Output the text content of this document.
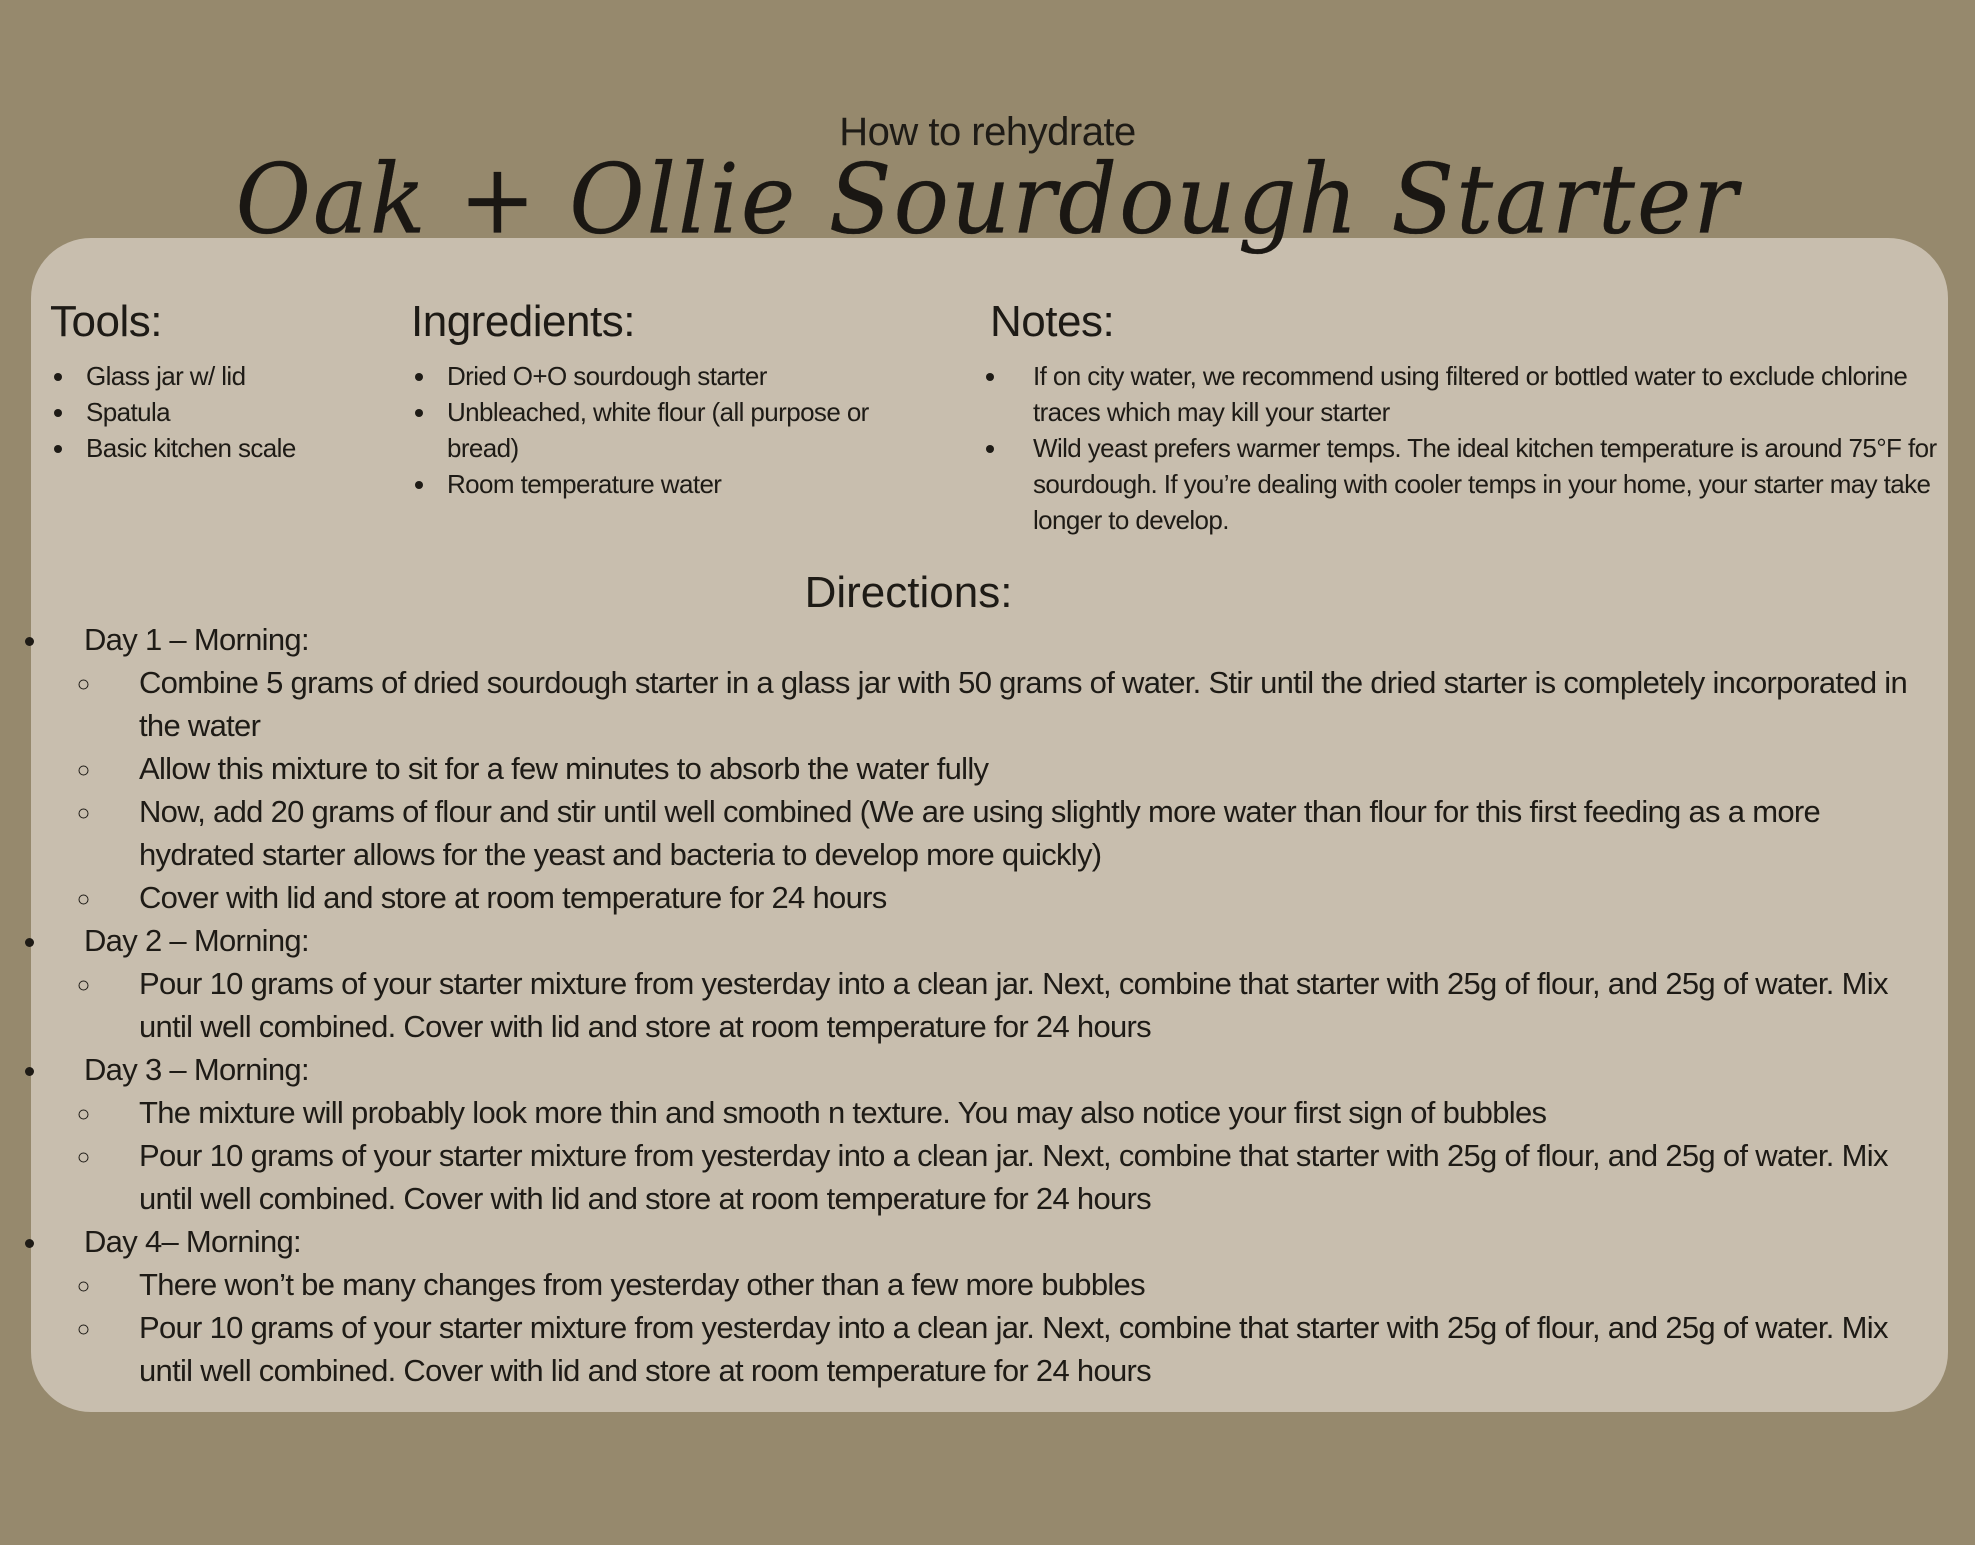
How to rehydrate
Oak + Ollie Sourdough Starter
Tools:
• Glass jar w/ lid
• Spatula
• Basic kitchen scale
Ingredients:
• Dried O+O sourdough starter
• Unbleached, white flour (all purpose or bread)
• Room temperature water
Notes:
• If on city water, we recommend using filtered or bottled water to exclude chlorine traces which may kill your starter
• Wild yeast prefers warmer temps. The ideal kitchen temperature is around 75°F for sourdough. If you’re dealing with cooler temps in your home, your starter may take longer to develop.
Directions:
• Day 1 – Morning:
◦ Combine 5 grams of dried sourdough starter in a glass jar with 50 grams of water. Stir until the dried starter is completely incorporated in the water
◦ Allow this mixture to sit for a few minutes to absorb the water fully
◦ Now, add 20 grams of flour and stir until well combined (We are using slightly more water than flour for this first feeding as a more hydrated starter allows for the yeast and bacteria to develop more quickly)
◦ Cover with lid and store at room temperature for 24 hours
• Day 2 – Morning:
◦ Pour 10 grams of your starter mixture from yesterday into a clean jar. Next, combine that starter with 25g of flour, and 25g of water. Mix until well combined. Cover with lid and store at room temperature for 24 hours
• Day 3 – Morning:
◦ The mixture will probably look more thin and smooth n texture. You may also notice your first sign of bubbles
◦ Pour 10 grams of your starter mixture from yesterday into a clean jar. Next, combine that starter with 25g of flour, and 25g of water. Mix until well combined. Cover with lid and store at room temperature for 24 hours
• Day 4– Morning:
◦ There won’t be many changes from yesterday other than a few more bubbles
◦ Pour 10 grams of your starter mixture from yesterday into a clean jar. Next, combine that starter with 25g of flour, and 25g of water. Mix until well combined. Cover with lid and store at room temperature for 24 hours
